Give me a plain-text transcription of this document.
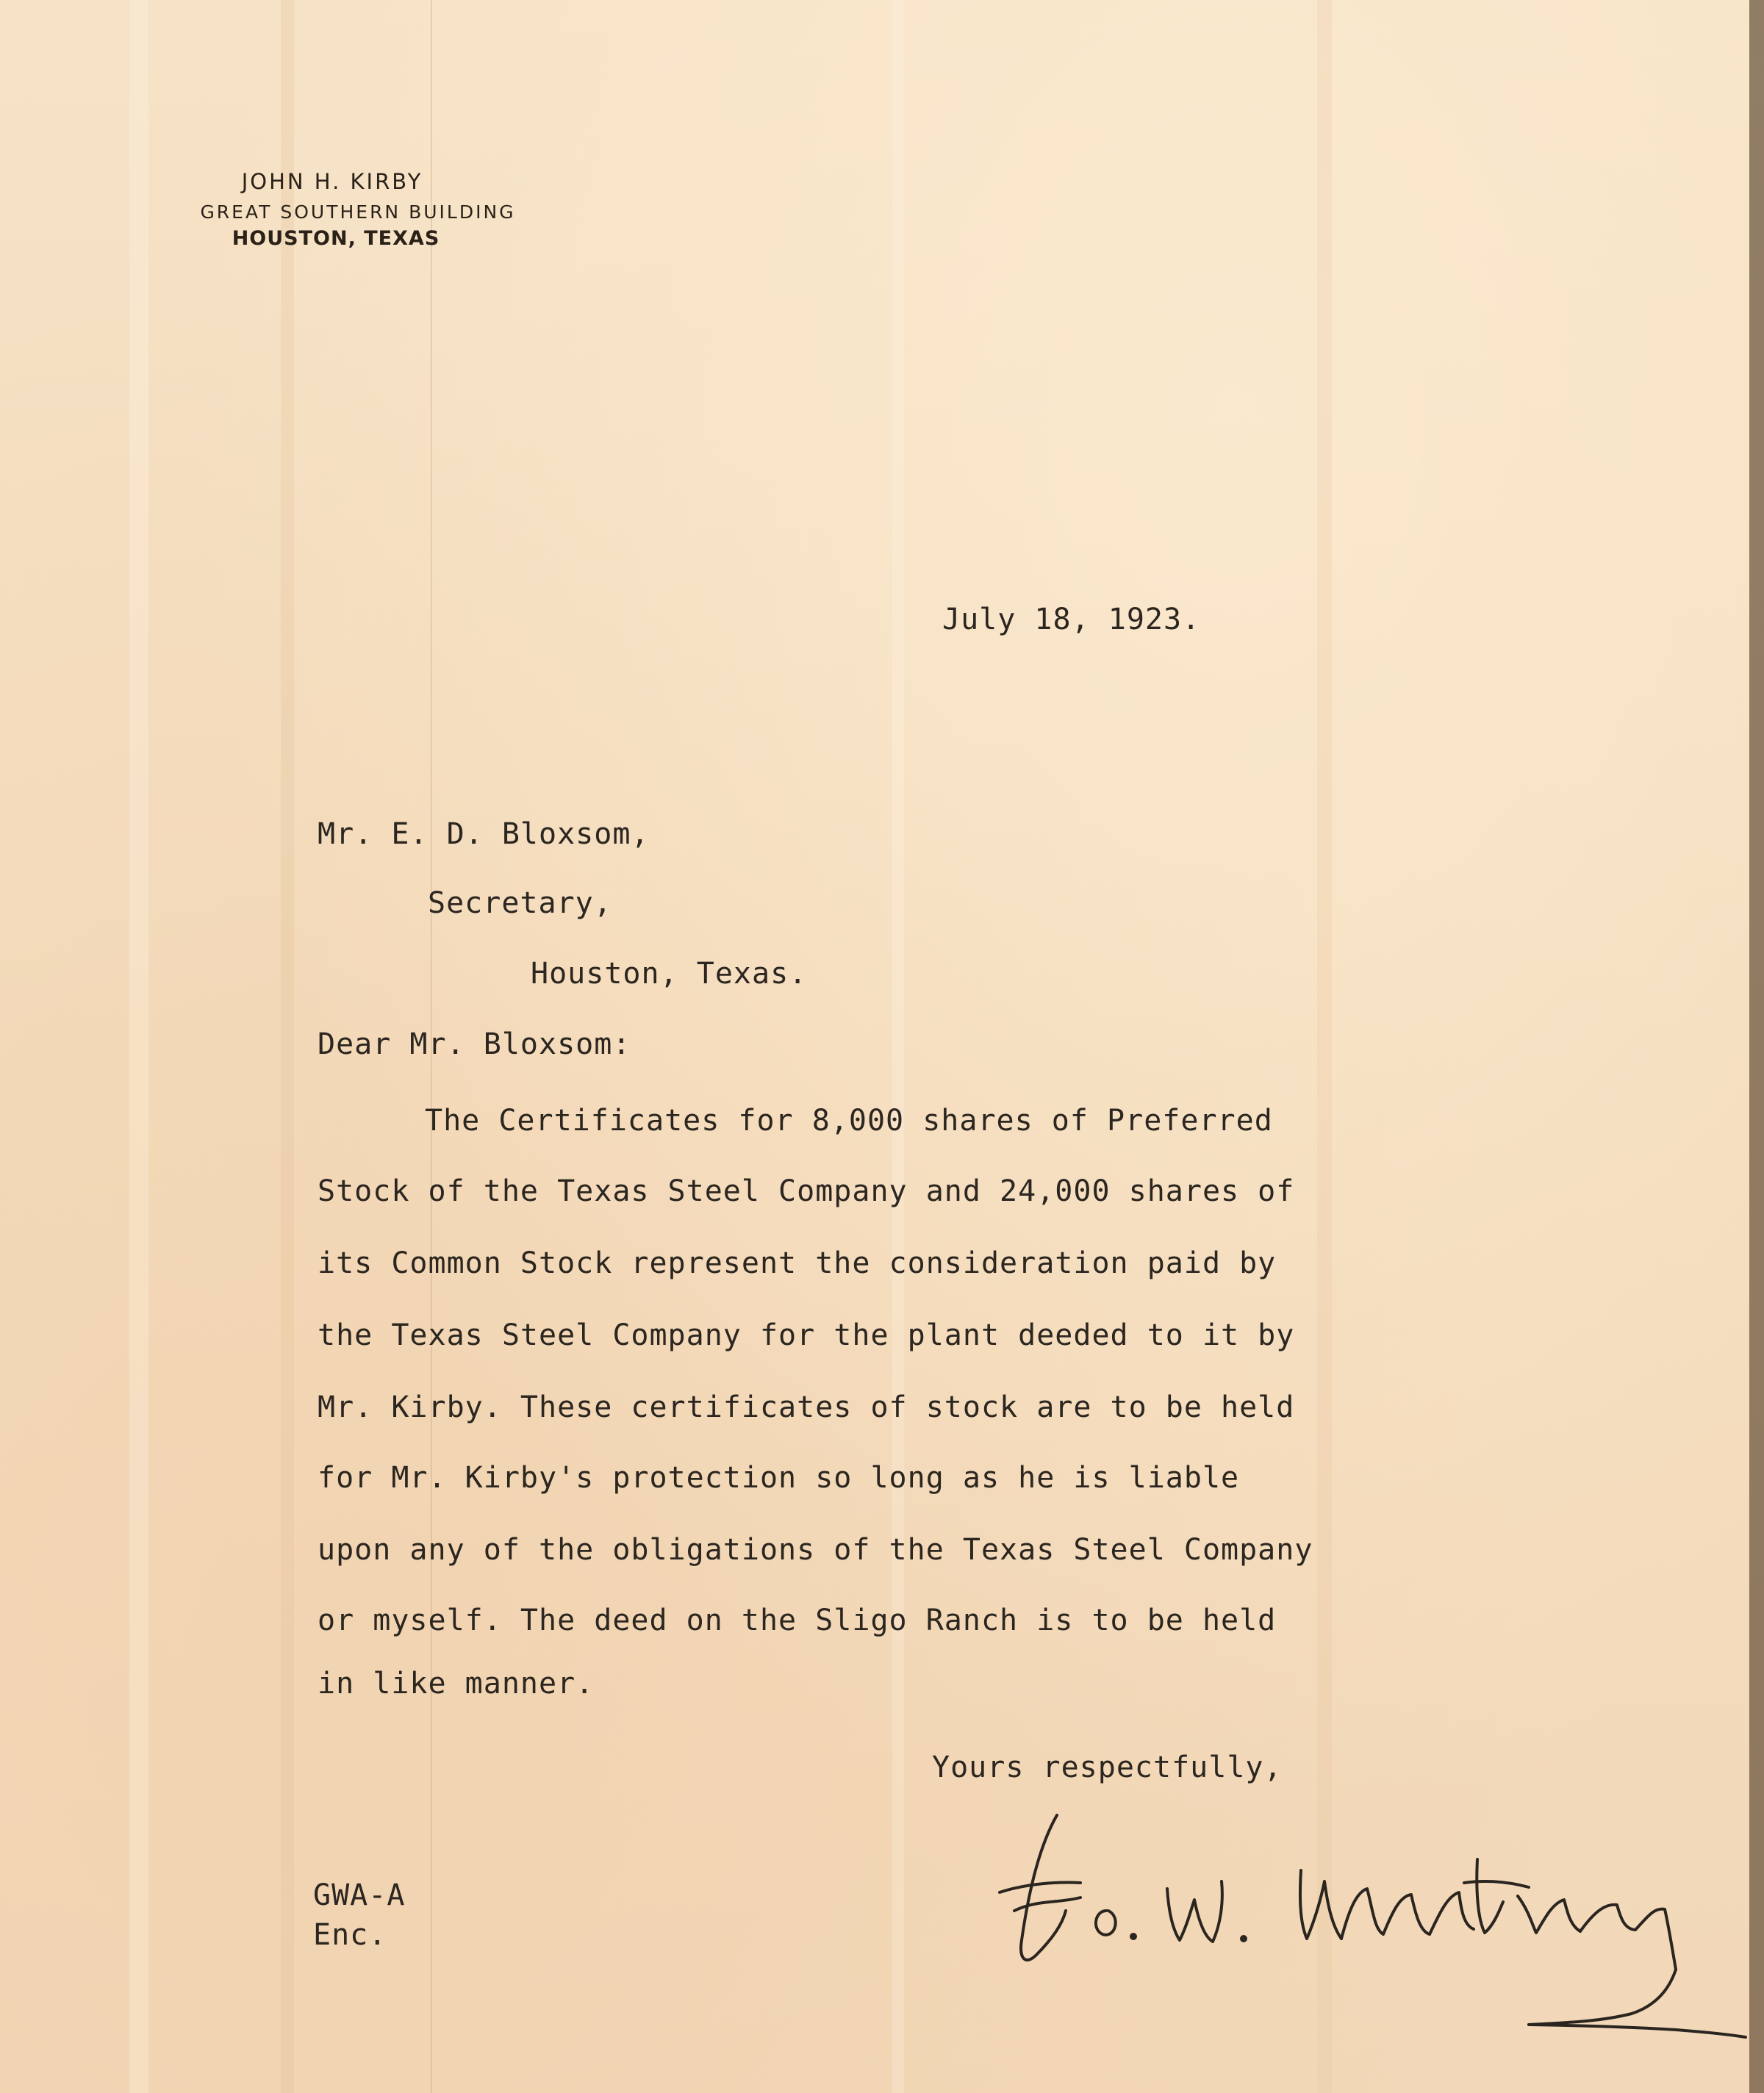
JOHN H. KIRBY
GREAT SOUTHERN BUILDING
HOUSTON, TEXAS
July 18, 1923.
Mr. E. D. Bloxsom,
Secretary,
Houston, Texas.
Dear Mr. Bloxsom:
The Certificates for 8,000 shares of Preferred
Stock of the Texas Steel Company and 24,000 shares of
its Common Stock represent the consideration paid by
the Texas Steel Company for the plant deeded to it by
Mr. Kirby. These certificates of stock are to be held
for Mr. Kirby's protection so long as he is liable
upon any of the obligations of the Texas Steel Company
or myself. The deed on the Sligo Ranch is to be held
in like manner.
Yours respectfully,
GWA-A
Enc.
